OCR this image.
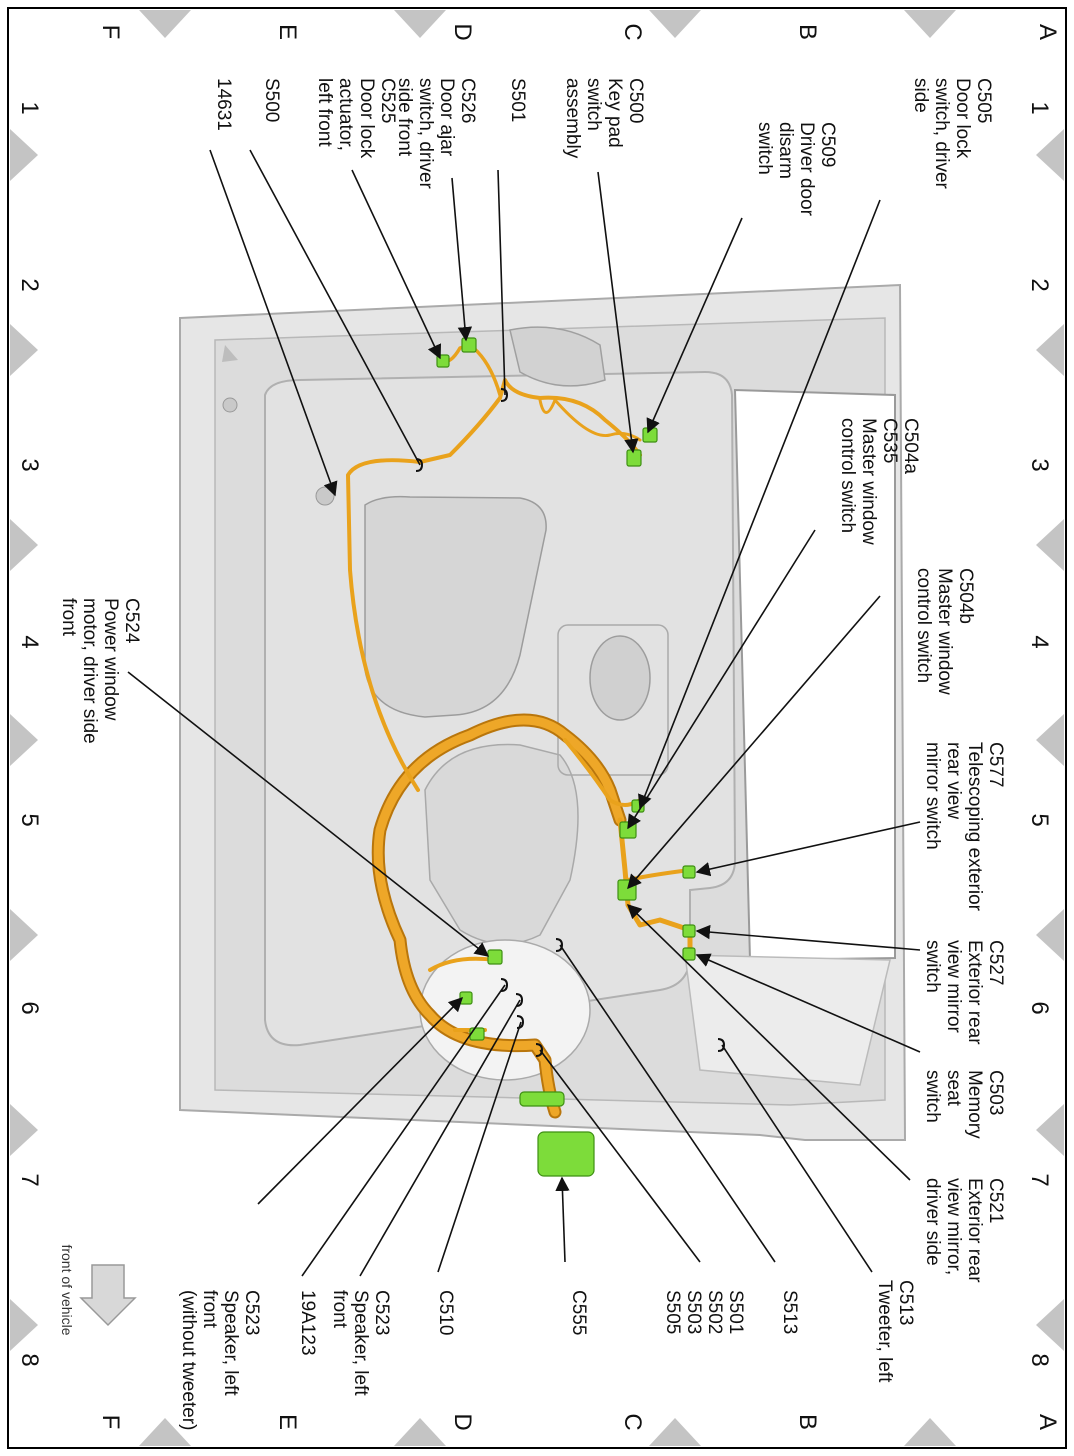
A
A
B
B
C
C
D
D
E
E
F
F
1
1
2
2
3
3
4
4
5
5
6
6
7
7
8
8
C505
Door lock
switch, driver
side
C509
Driver door
disarm
switch
C500
Key pad
switch
assembly
S501
C526
Door ajar
switch, driver
side front
C525
Door lock
actuator,
left front
S500
14631
C504a
C535
Master window
control switch
C504b
Master window
control switch
C577
Telescoping exterior
rear view
mirror switch
C524
Power window
motor, driver side
front
C527
Exterior rear
view mirror
switch
C503
Memory
seat
switch
C521
Exterior rear
view mirror,
driver side
C513
Tweeter, left
S501
S502
S503
S505	S513
C555
C510
C523
Speaker, left
front
19A123
C523
Speaker, left
front
(without tweeter)
front of vehicle
